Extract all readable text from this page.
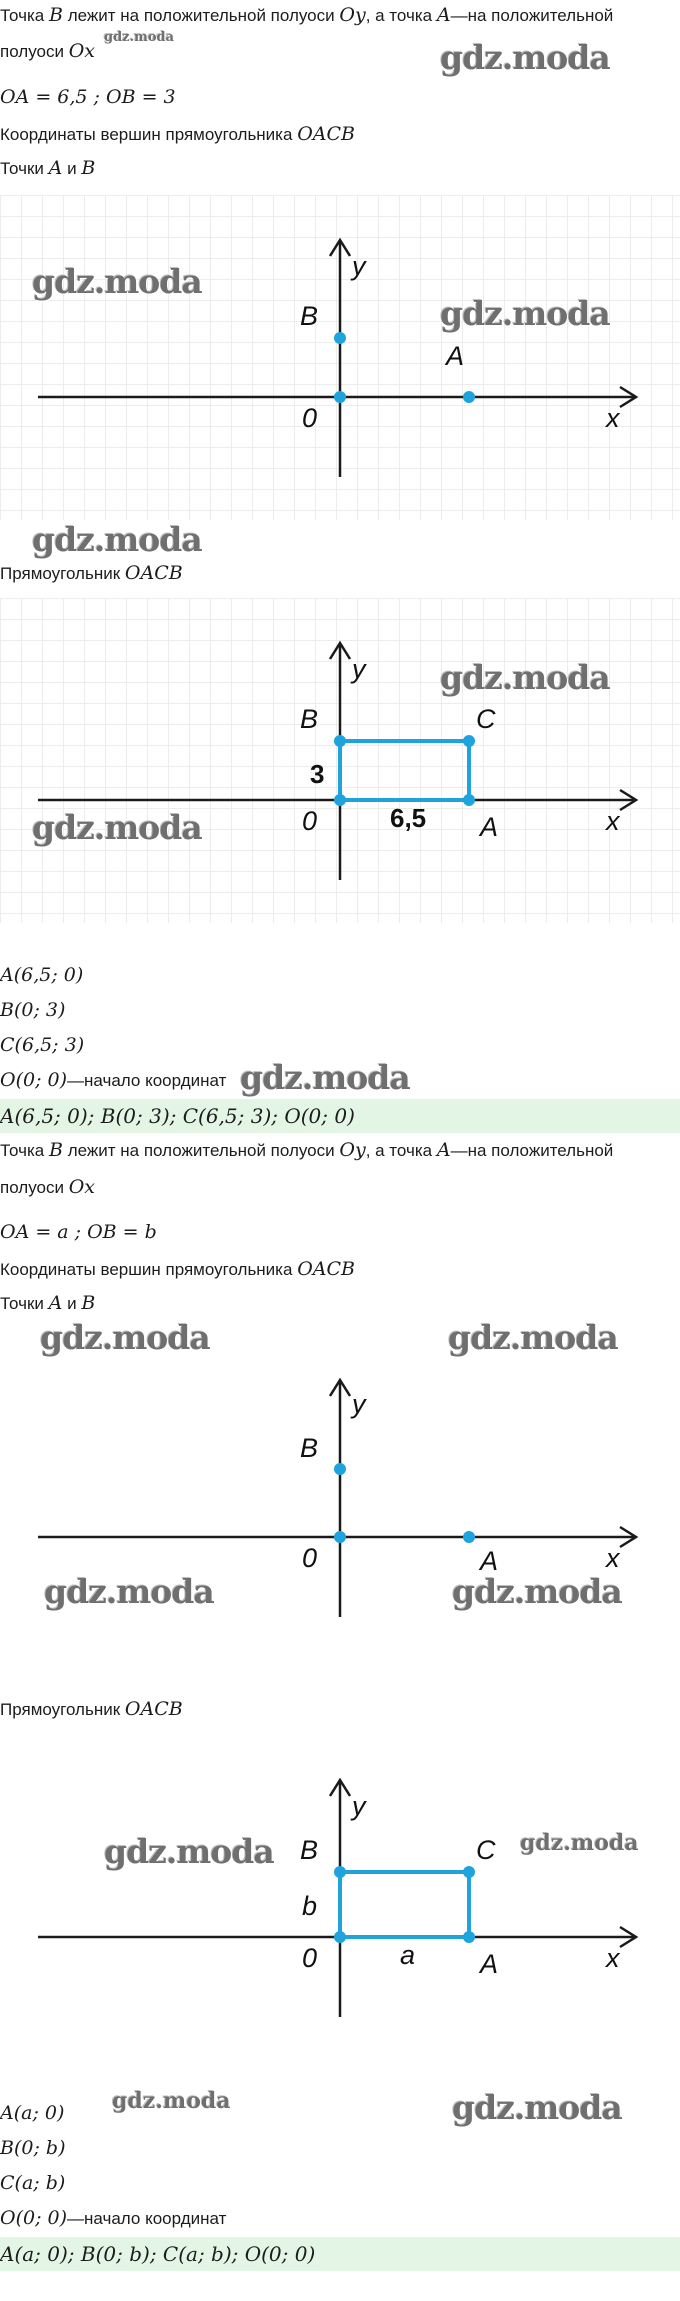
Точка B лежит на положительной полуоси Oy, а точка A—на положительной
полуоси Ox
gdz.moda
gdz.moda
OA = 6,5 ; OB = 3
Координаты вершин прямоугольника OACB
Точки A и B
y
x
B
A
0
gdz.moda
gdz.moda
gdz.moda
Прямоугольник OACB
y
x
B	C
A
0
3
6,5
gdz.moda
gdz.moda
A(6,5; 0)
B(0; 3)
C(6,5; 3)
O(0; 0)—начало координат gdz.moda
A(6,5; 0); B(0; 3); C(6,5; 3); O(0; 0)
Точка B лежит на положительной полуоси Oy, а точка A—на положительной
полуоси Ox
OA = a ; OB = b
Координаты вершин прямоугольника OACB
Точки A и B
gdz.moda	gdz.moda
y
x
B
A
0
gdz.moda	gdz.moda
Прямоугольник OACB
y
x
B	C
A
0
b
a
gdz.moda	gdz.moda
A(a; 0) gdz.moda	gdz.moda
B(0; b)
C(a; b)
O(0; 0)—начало координат
A(a; 0); B(0; b); C(a; b); O(0; 0)
